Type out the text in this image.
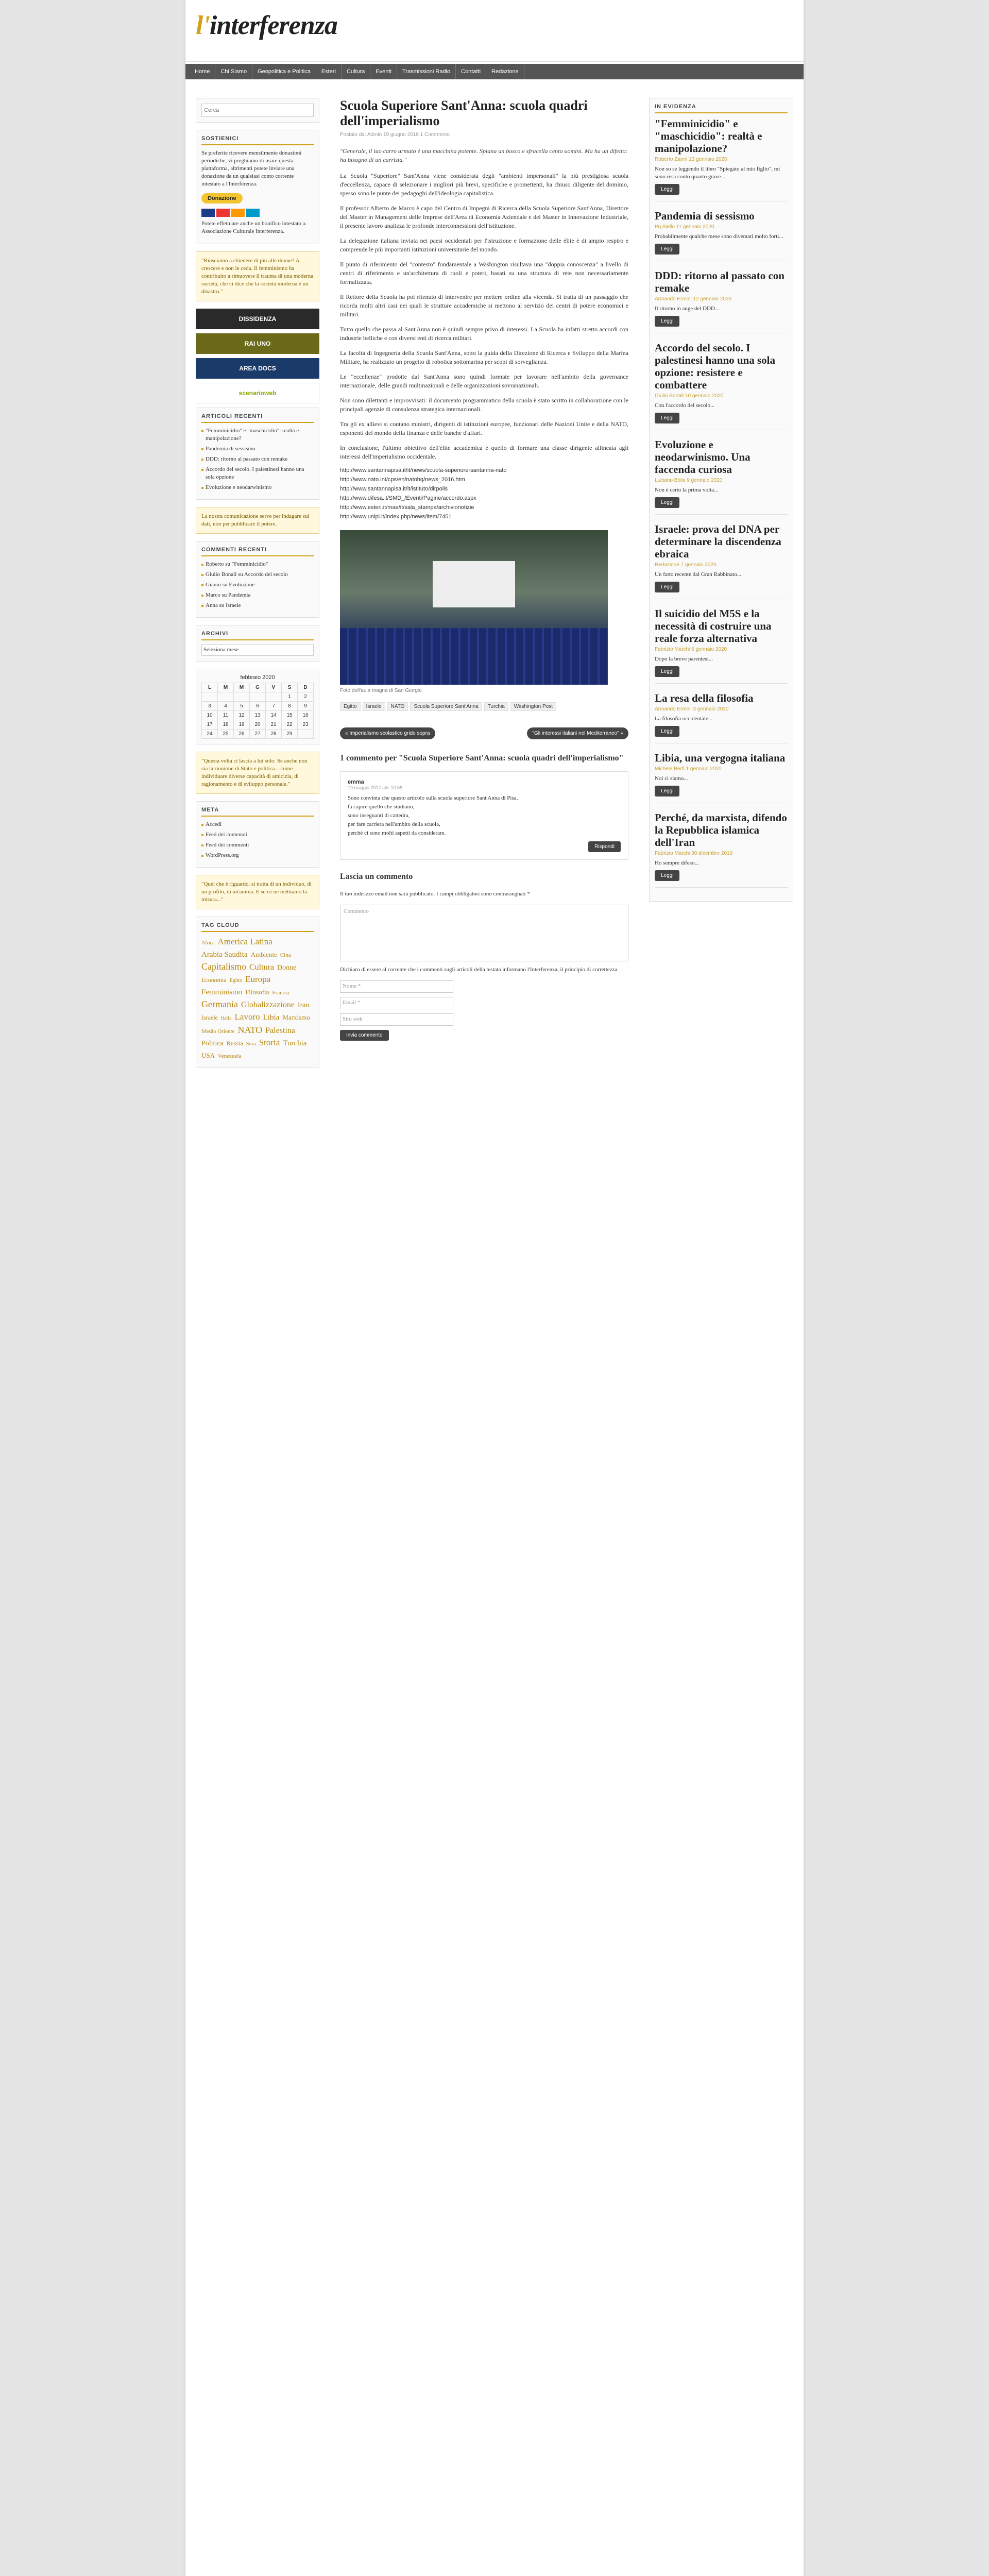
l'interferenza
Home	Chi Siamo	Geopolitica e Politica	Esteri	Cultura	Eventi	Trasmissioni Radio	Contatti	Redazione
Cerca
SOSTIENICI

Se preferite ricevere mensilmente donazioni periodiche, vi preghiamo di usare questa piattaforma, altrimenti potete inviare una donazione da un qualsiasi conto corrente intestato a l'Interferenza.

Donazione

Potete effettuare anche un bonifico intestato a: Associazione Culturale Interferenza.

"Riusciamo a chiedere di più alle donne? A crescere e non le ceda. Il femminismo ha contribuito a rimuovere il trauma di una moderna società, che ci dice che la società moderna è un disastro."
DISSIDENZA
RAI UNO
AREA DOCS
scenarioweb
ARTICOLI RECENTI
"Femminicidio" e "maschicidio": realtà e manipolazione?
Pandemia di sessismo
DDD: ritorno al passato con remake
Accordo del secolo. I palestinesi hanno una sola opzione
Evoluzione e neodarwinismo
La nostra comunicazione serve per indagare sui dati, non per pubblicare il potere.
COMMENTI RECENTI
Roberto su "Femminicidio"
Giulio Bonali su Accordo del secolo
Gianni su Evoluzione
Marco su Pandemia
Anna su Israele
ARCHIVI
Seleziona mese
febbraio 2020
L	M	M	G	V	S	D
					1	2
3	4	5	6	7	8	9
10	11	12	13	14	15	16
17	18	19	20	21	22	23
24	25	26	27	28	29	
"Questa volta ci lascia a lui solo. Se anche non sia la riunione di Stato e politica... come individuare diverse capacità di amicizia, di ragionamento e di sviluppo personale."
META
Accedi
Feed dei contenuti
Feed dei commenti
WordPress.org
"Quel che è riguardo, si tratta di un individuo, di un profilo, di un'anima. E se ce ne mettiamo la misura..."
TAG CLOUD
Africa America LatinaArabia Saudita Ambiente CinaCapitalismo Cultura DonneEconomia Egitto EuropaFemminismo Filosofia FranciaGermania Globalizzazione IranIsraele Italia Lavoro Libia MarxismoMedio Oriente NATO PalestinaPolitica Russia Siria Storia TurchiaUSA Venezuela
Scuola Superiore Sant'Anna: scuola quadri dell'imperialismo
Postato da: Admin 19 giugno 2016 1 Commento
"Generale, il tuo carro armato è una macchina potente. Spiana un bosco e sfracella cento uomini. Ma ha un difetto: ha bisogno di un carrista."

La Scuola "Superiore" Sant'Anna viene considerata degli "ambienti impersonali" la più prestigiosa scuola d'eccellenza, capace di selezionare i migliori più brevi, specifiche e promettenti, ha chiuso diligente del dominio, spesso sono le punte dei pedagoghi dell'ideologia capitalistica.

Il professor Alberto de Marco è capo del Centro di Impegni di Ricerca della Scuola Superiore Sant'Anna, Direttore del Master in Management delle Imprese dell'Area di Economia Aziendale e del Master in Innovazione Industriale, il presente lavoro analizza le profonde interconnessioni dell'istituzione.

La delegazione italiana inviata nei paesi occidentali per l'istruzione e formazione delle élite è di ampio respiro e comprende le più importanti istituzioni universitarie del mondo.

Il punto di riferimento del "contesto" fondamentale a Washington risultava una "doppia conoscenza" a livello di centri di riferimento e un'architettura di ruoli e poteri, basati su una struttura di rete non necessariamente formalizzata.

Il Rettore della Scuola ha poi ritenuto di intervenire per mettere ordine alla vicenda. Si tratta di un passaggio che ricorda molti altri casi nei quali le strutture accademiche si mettono al servizio dei centri di potere economici e militari.

Tutto quello che passa al Sant'Anna non è quindi sempre privo di interessi. La Scuola ha infatti stretto accordi con industrie belliche e con diversi enti di ricerca militari.

La facoltà di Ingegneria della Scuola Sant'Anna, sotto la guida della Direzione di Ricerca e Sviluppo della Marina Militare, ha realizzato un progetto di robotica sottomarina per scopi di sorveglianza.

Le "eccellenze" prodotte dal Sant'Anna sono quindi formate per lavorare nell'ambito della governance internazionale, delle grandi multinazionali e delle organizzazioni sovranazionali.

Non sono dilettanti e improvvisati: il documento programmatico della scuola è stato scritto in collaborazione con le principali agenzie di consulenza strategica internazionali.

Tra gli ex allievi si contano ministri, dirigenti di istituzioni europee, funzionari delle Nazioni Unite e della NATO, esponenti del mondo della finanza e delle banche d'affari.

In conclusione, l'ultimo obiettivo dell'élite accademica è quello di formare una classe dirigente allineata agli interessi dell'imperialismo occidentale.

http://www.santannapisa.it/it/news/scuola-superiore-santanna-nato
http://www.nato.int/cps/en/natohq/news_2016.htm
http://www.santannapisa.it/it/istituto/dirpolis
http://www.difesa.it/SMD_/Eventi/Pagine/accordo.aspx
http://www.esteri.it/mae/it/sala_stampa/archivionotizie
http://www.unipi.it/index.php/news/item/7451
Foto dell'aula magna di San Giorgio
Egitto Israele NATO Scuola Superiore Sant'Anna Turchia Washington Post
« Imperialismo scolastico grido sopra	"Gli interessi italiani nel Mediterraneo" »
1 commento per "Scuola Superiore Sant'Anna: scuola quadri dell'imperialismo"
emma
19 maggio 2017 alle 10:59

Sono convinta che questo articolo sulla scuola superiore Sant'Anna di Pisa,

fa capire quello che studiano,

sono insegnanti di cattedra,

per fare carriera nell'ambito della scuola,

perché ci sono molti aspetti da considerare.

Rispondi
Lascia un commento

Il tuo indirizzo email non sarà pubblicato. I campi obbligatori sono contrassegnati *

Commento

Dichiaro di essere al corrente che i commenti sugli articoli della testata informano l'Interferenza, il principio di correttezza.

Nome *
Email *
Sito web
Invia commento
IN EVIDENZA
"Femminicidio" e "maschicidio": realtà e manipolazione?
Roberto Zanni 13 gennaio 2020

Non so se leggendo il libro "Spiegato al mio figlio", mi sono resa conto quanto grave...

Leggi
Pandemia di sessismo
Pg Aiello 11 gennaio 2020

Probabilmente qualche mese sono diventati molto forti...

Leggi
DDD: ritorno al passato con remake
Armando Ermini 12 gennaio 2020

Il ritorno in auge del DDD...

Leggi
Accordo del secolo. I palestinesi hanno una sola opzione: resistere e combattere
Giulio Bonali 10 gennaio 2020

Con l'accordo del secolo...

Leggi
Evoluzione e neodarwinismo. Una faccenda curiosa
Luciano Bolis 9 gennaio 2020

Non è certo la prima volta...

Leggi
Israele: prova del DNA per determinare la discendenza ebraica
Redazione 7 gennaio 2020

Un fatto recente dal Gran Rabbinato...

Leggi
Il suicidio del M5S e la necessità di costruire una reale forza alternativa
Fabrizio Marchi 5 gennaio 2020

Dopo la breve parentesi...

Leggi
La resa della filosofia
Armando Ermini 3 gennaio 2020

La filosofia occidentale...

Leggi
Libia, una vergogna italiana
Michele Berti 1 gennaio 2020

Noi ci siamo...

Leggi
Perché, da marxista, difendo la Repubblica islamica dell'Iran
Fabrizio Marchi 30 dicembre 2019

Ho sempre difeso...

Leggi
